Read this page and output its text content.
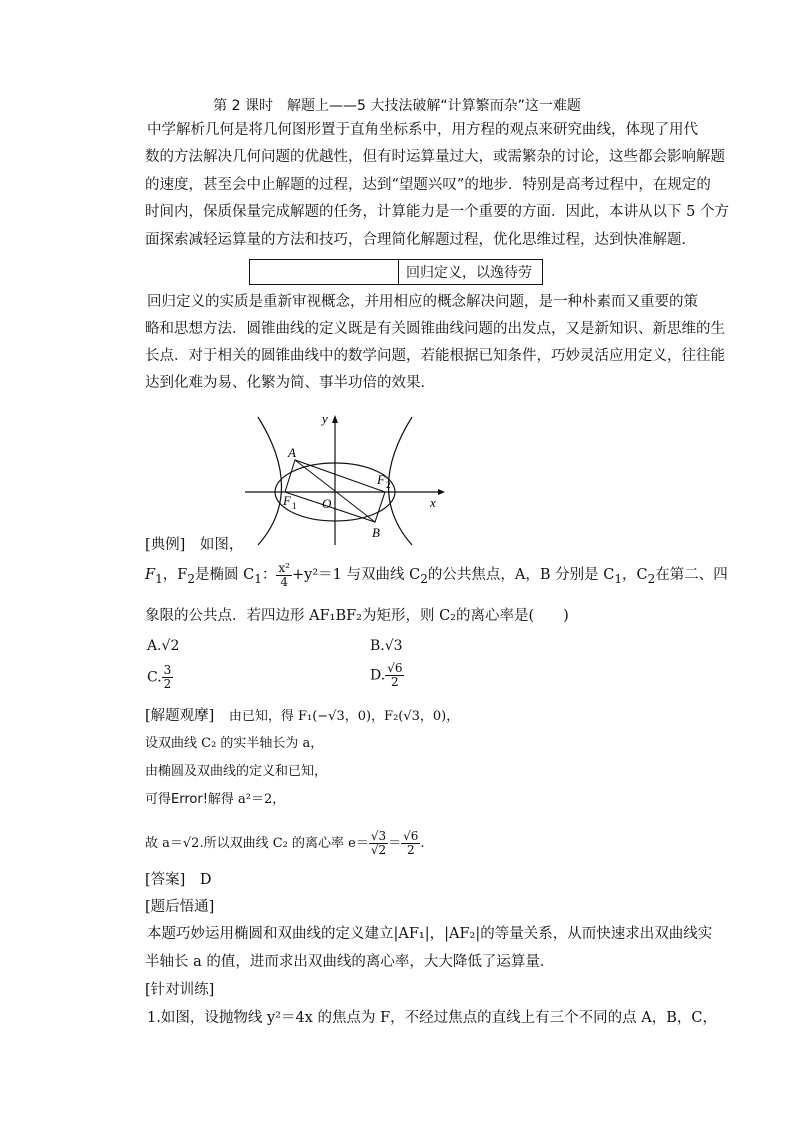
第 2 课时　解题上——5 大技法破解“计算繁而杂”这一难题
中学解析几何是将几何图形置于直角坐标系中，用方程的观点来研究曲线，体现了用代
数的方法解决几何问题的优越性，但有时运算量过大，或需繁杂的讨论，这些都会影响解题
的速度，甚至会中止解题的过程，达到“望题兴叹”的地步．特别是高考过程中，在规定的
时间内，保质保量完成解题的任务，计算能力是一个重要的方面．因此，本讲从以下 5 个方
面探索减轻运算量的方法和技巧，合理简化解题过程，优化思维过程，达到快准解题．
回归定义，以逸待劳
回归定义的实质是重新审视概念，并用相应的概念解决问题，是一种朴素而又重要的策
略和思想方法．圆锥曲线的定义既是有关圆锥曲线问题的出发点，又是新知识、新思维的生
长点．对于相关的圆锥曲线中的数学问题，若能根据已知条件，巧妙灵活应用定义，往往能
达到化难为易、化繁为简、事半功倍的效果．
y
x
A
B
O
F 1
F 2
[典例]　 如图，
$F_1$，$F_2$是椭圆 $C_1$： $\frac{\text{x²}}{4} +y^2=1$ 与双曲线 $C_2$的公共焦点，A，B 分别是 $C_1$，$C_2$在第二、四
象限的公共点．若四边形 AF₁BF₂为矩形，则 C₂的离心率是(　　)
A.√2	B.√3
C. $\frac{3}{2}$	D. $\frac{√6}{2}$
[解题观摩]　 由已知，得 F₁(−√3，0)，F₂(√3，0)，
设双曲线 C₂ 的实半轴长为 a，
由椭圆及双曲线的定义和已知，
可得Error!解得 a²＝2，
故 a＝√2.所以双曲线 C₂ 的离心率 $e= \frac{√3}{√2} = \frac{√6}{2}$ .
[答案]　 D
[题后悟通]
本题巧妙运用椭圆和双曲线的定义建立|AF₁|，|AF₂|的等量关系，从而快速求出双曲线实
半轴长 a 的值，进而求出双曲线的离心率，大大降低了运算量．
[针对训练]
1.如图，设抛物线 y²＝4x 的焦点为 F，不经过焦点的直线上有三个不同的点 A，B，C，
